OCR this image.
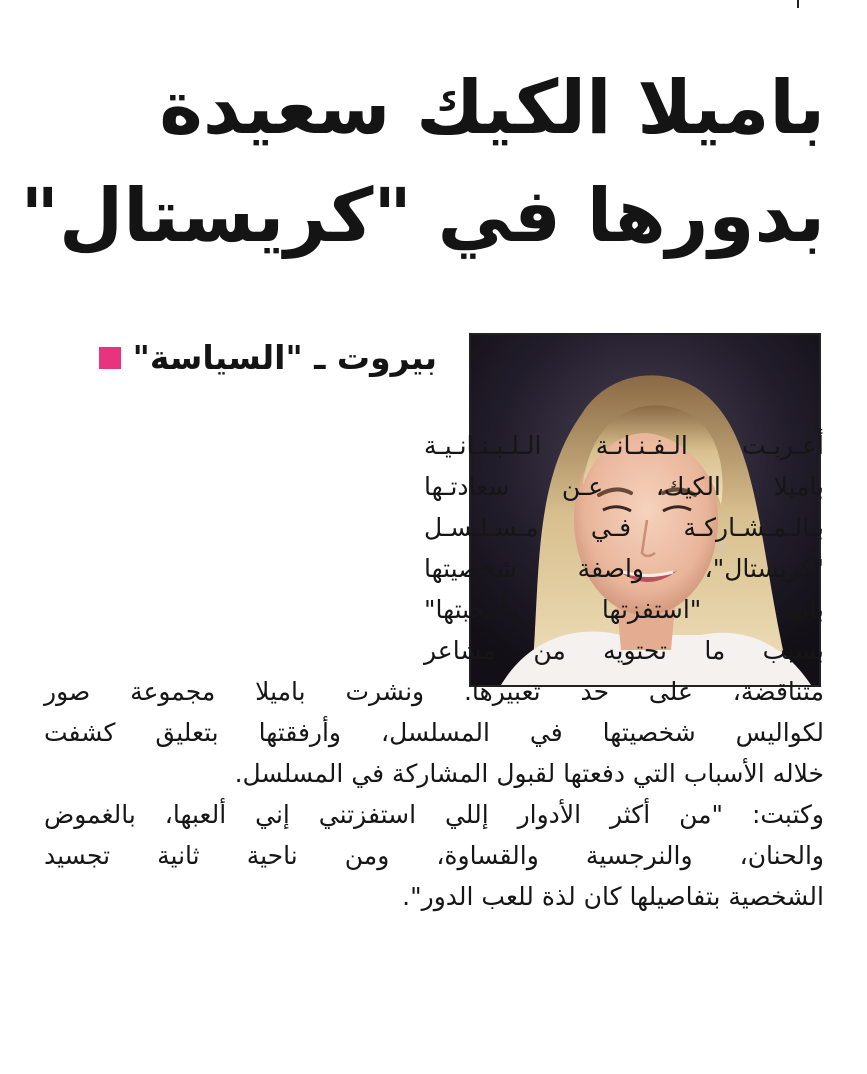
باميلا الكيك سعيدة
بدورها في "كريستال"
بيروت ـ "السياسة"
أعـربـت الـفـنـانـة الـلـبـنـانـيـة
باميلا الكيك، عـن سعادتـها
بـالـمـشـاركـة فـي مـسـلـسـل
"كريستال"، واصفة شخصيتها
بأنها "استفزتها وأعجبتها"
بسبب ما تحتويه من مشاعر
متناقضة، على حد تعبيرها. ونشرت باميلا مجموعة صور
لكواليس شخصيتها في المسلسل، وأرفقتها بتعليق كشفت
خلاله الأسباب التي دفعتها لقبول المشاركة في المسلسل.
وكتبت: "من أكثر الأدوار إللي استفزتني إني ألعبها، بالغموض
والحنان، والنرجسية والقساوة، ومن ناحية ثانية تجسيد
الشخصية بتفاصيلها كان لذة للعب الدور".
